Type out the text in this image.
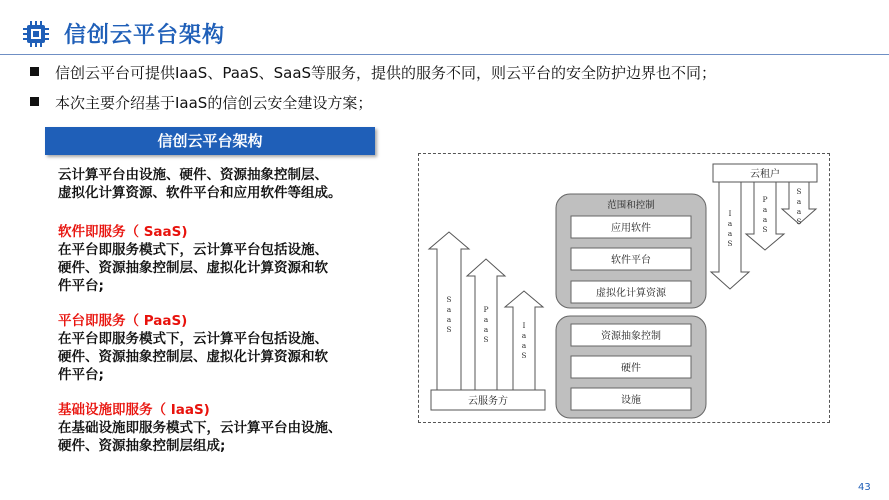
信创云平台架构
信创云平台可提供IaaS、PaaS、SaaS等服务，提供的服务不同，则云平台的安全防护边界也不同；
本次主要介绍基于IaaS的信创云安全建设方案；
信创云平台架构
云计算平台由设施、硬件、资源抽象控制层、
虚拟化计算资源、软件平台和应用软件等组成。
软件即服务（ SaaS)
在平台即服务模式下，云计算平台包括设施、
硬件、资源抽象控制层、虚拟化计算资源和软
件平台;
平台即服务（ PaaS)
在平台即服务模式下，云计算平台包括设施、
硬件、资源抽象控制层、虚拟化计算资源和软
件平台;
基础设施即服务（ IaaS)
在基础设施即服务模式下，云计算平台由设施、
硬件、资源抽象控制层组成;
云服务方
云租户
范围和控制
应用软件
软件平台
虚拟化计算资源
资源抽象控制
硬件
设施
S a a S
P a a S
I a a S
I a a S
P a a S
S a a S
43
